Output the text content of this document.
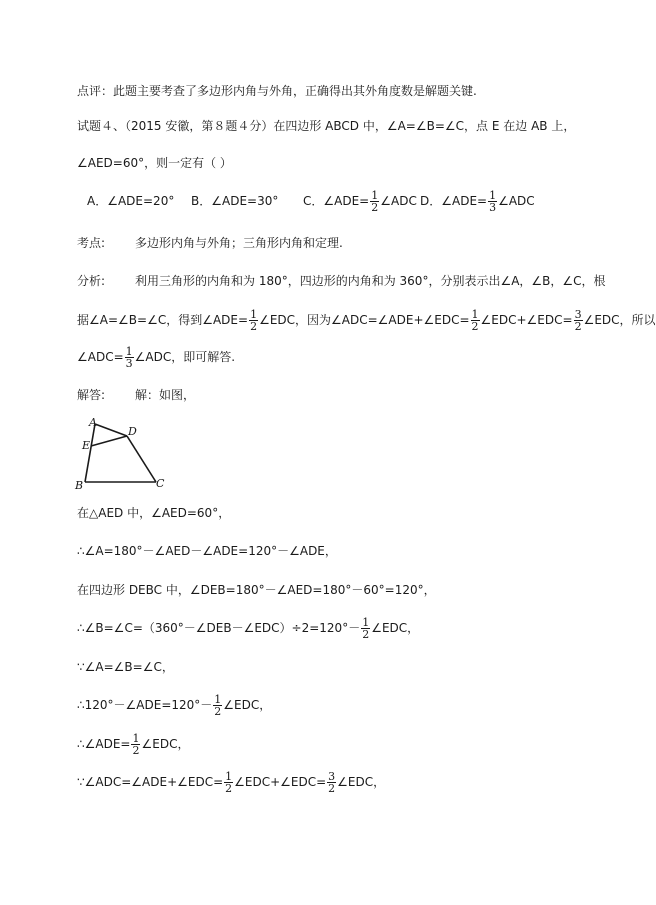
点评：此题主要考查了多边形内角与外角，正确得出其外角度数是解题关键.
试题４、（2015 安徽，第８题４分）在四边形 ABCD 中，∠A=∠B=∠C，点 E 在边 AB 上，
∠AED=60°，则一定有（ ）
A．∠ADE=20° B．∠ADE=30° C．∠ADE= $\frac{1}{2}$ ∠ADC D．∠ADE= $\frac{1}{3}$ ∠ADC
考点: 多边形内角与外角；三角形内角和定理.
分析: 利用三角形的内角和为 180°，四边形的内角和为 360°，分别表示出∠A，∠B，∠C，根
据∠A=∠B=∠C，得到∠ADE= $\frac{1}{2}$ ∠EDC，因为∠ADC=∠ADE+∠EDC= $\frac{1}{2}$ ∠EDC+∠EDC= $\frac{3}{2}$ ∠EDC，所以
∠ADC= $\frac{1}{3}$ ∠ADC，即可解答.
解答: 解：如图，
A
D
E
B	C
在△AED 中，∠AED=60°，
∴∠A=180°－∠AED－∠ADE=120°－∠ADE，
在四边形 DEBC 中，∠DEB=180°－∠AED=180°－60°=120°，
∴∠B=∠C=（360°－∠DEB－∠EDC）÷2=120°－ $\frac{1}{2}$ ∠EDC，
∵∠A=∠B=∠C，
∴120°－∠ADE=120°－ $\frac{1}{2}$ ∠EDC，
∴∠ADE= $\frac{1}{2}$ ∠EDC，
∵∠ADC=∠ADE+∠EDC= $\frac{1}{2}$ ∠EDC+∠EDC= $\frac{3}{2}$ ∠EDC，
